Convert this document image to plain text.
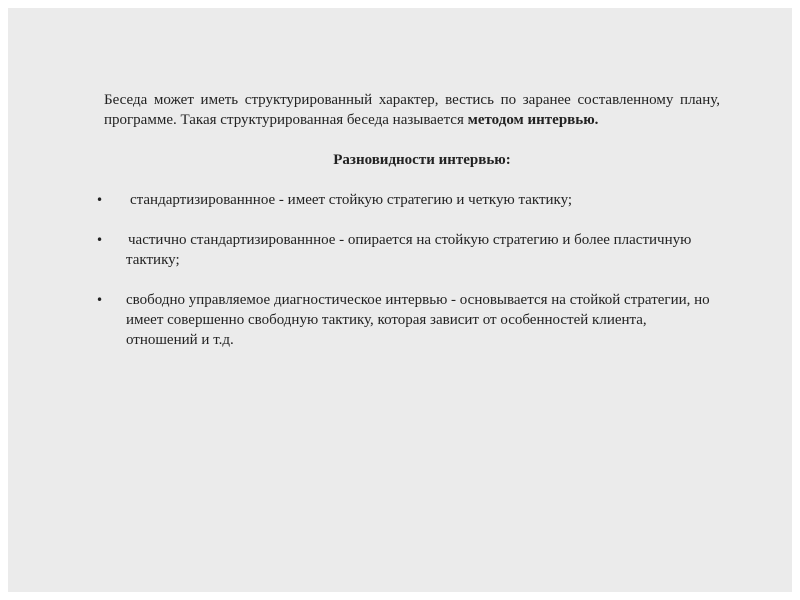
Беседа может иметь структурированный характер, вестись по заранее составленному плану, программе. Такая структурированная беседа называется методом интервью.

Разновидности интервью:

• стандартизированнное - имеет стойкую стратегию и четкую тактику;
• частично стандартизированнное - опирается на стойкую стратегию и более пластичную тактику;
• свободно управляемое диагностическое интервью - основывается на стойкой стратегии, но имеет совершенно свободную тактику, которая зависит от особенностей клиента, отношений и т.д.
